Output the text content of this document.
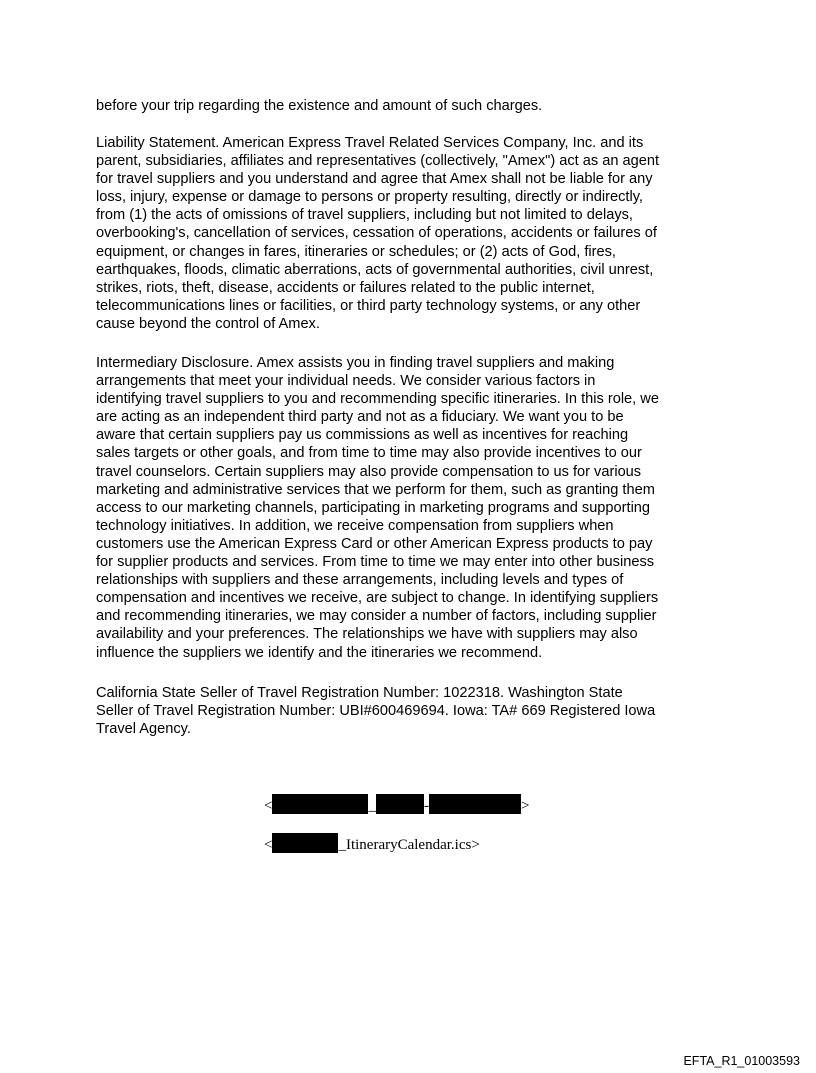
before your trip regarding the existence and amount of such charges.
Liability Statement. American Express Travel Related Services Company, Inc. and its
parent, subsidiaries, affiliates and representatives (collectively, "Amex") act as an agent
for travel suppliers and you understand and agree that Amex shall not be liable for any
loss, injury, expense or damage to persons or property resulting, directly or indirectly,
from (1) the acts of omissions of travel suppliers, including but not limited to delays,
overbooking's, cancellation of services, cessation of operations, accidents or failures of
equipment, or changes in fares, itineraries or schedules; or (2) acts of God, fires,
earthquakes, floods, climatic aberrations, acts of governmental authorities, civil unrest,
strikes, riots, theft, disease, accidents or failures related to the public internet,
telecommunications lines or facilities, or third party technology systems, or any other
cause beyond the control of Amex.
Intermediary Disclosure. Amex assists you in finding travel suppliers and making
arrangements that meet your individual needs. We consider various factors in
identifying travel suppliers to you and recommending specific itineraries. In this role, we
are acting as an independent third party and not as a fiduciary. We want you to be
aware that certain suppliers pay us commissions as well as incentives for reaching
sales targets or other goals, and from time to time may also provide incentives to our
travel counselors. Certain suppliers may also provide compensation to us for various
marketing and administrative services that we perform for them, such as granting them
access to our marketing channels, participating in marketing programs and supporting
technology initiatives. In addition, we receive compensation from suppliers when
customers use the American Express Card or other American Express products to pay
for supplier products and services. From time to time we may enter into other business
relationships with suppliers and these arrangements, including levels and types of
compensation and incentives we receive, are subject to change. In identifying suppliers
and recommending itineraries, we may consider a number of factors, including supplier
availability and your preferences. The relationships we have with suppliers may also
influence the suppliers we identify and the itineraries we recommend.
California State Seller of Travel Registration Number: 1022318. Washington State
Seller of Travel Registration Number: UBI#600469694. Iowa: TA# 669 Registered Iowa
Travel Agency.
<	_	-	>
<	_ItineraryCalendar.ics>
EFTA_R1_01003593
